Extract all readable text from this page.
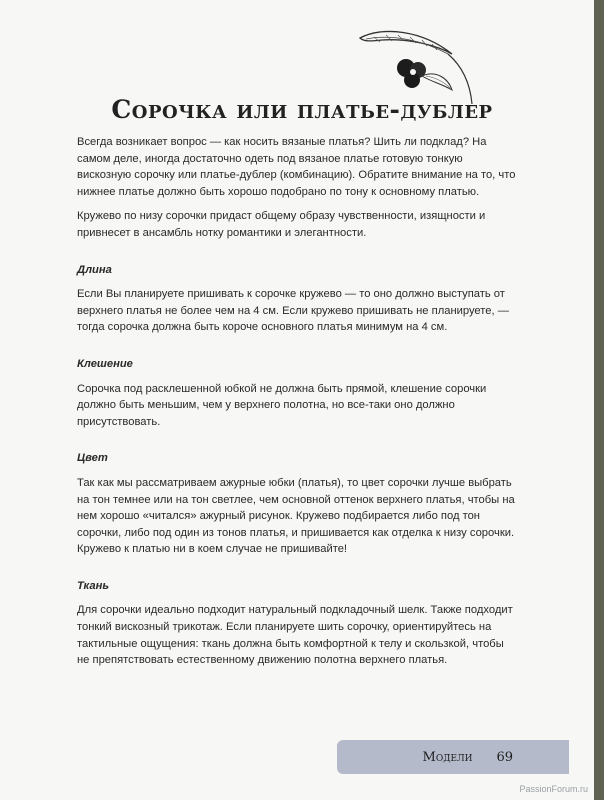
Сорочка или платье-дублер

Всегда возникает вопрос — как носить вязаные платья? Шить ли подклад? На самом деле, иногда достаточно одеть под вязаное платье готовую тонкую вискозную сорочку или платье-дублер (комбинацию). Обратите внимание на то, что нижнее платье должно быть хорошо подобрано по тону к основному платью.

Кружево по низу сорочки придаст общему образу чувственности, изящности и привнесет в ансамбль нотку романтики и элегантности.

Длина

Если Вы планируете пришивать к сорочке кружево — то оно должно выступать от верхнего платья не более чем на 4 см. Если кружево пришивать не планируете, — тогда сорочка должна быть короче основного платья минимум на 4 см.

Клешение

Сорочка под расклешенной юбкой не должна быть прямой, клешение сорочки должно быть меньшим, чем у верхнего полотна, но все-таки оно должно присутствовать.

Цвет

Так как мы рассматриваем ажурные юбки (платья), то цвет сорочки лучше выбрать на тон темнее или на тон светлее, чем основной оттенок верхнего платья, чтобы на нем хорошо «читался» ажурный рисунок. Кружево подбирается либо под тон сорочки, либо под один из тонов платья, и пришивается как отделка к низу сорочки. Кружево к платью ни в коем случае не пришивайте!

Ткань

Для сорочки идеально подходит натуральный подкладочный шелк. Также подходит тонкий вискозный трикотаж. Если планируете шить сорочку, ориентируйтесь на тактильные ощущения: ткань должна быть комфортной к телу и скользкой, чтобы не препятствовать естественному движению полотна верхнего платья.

Модели 69
PassionForum.ru
